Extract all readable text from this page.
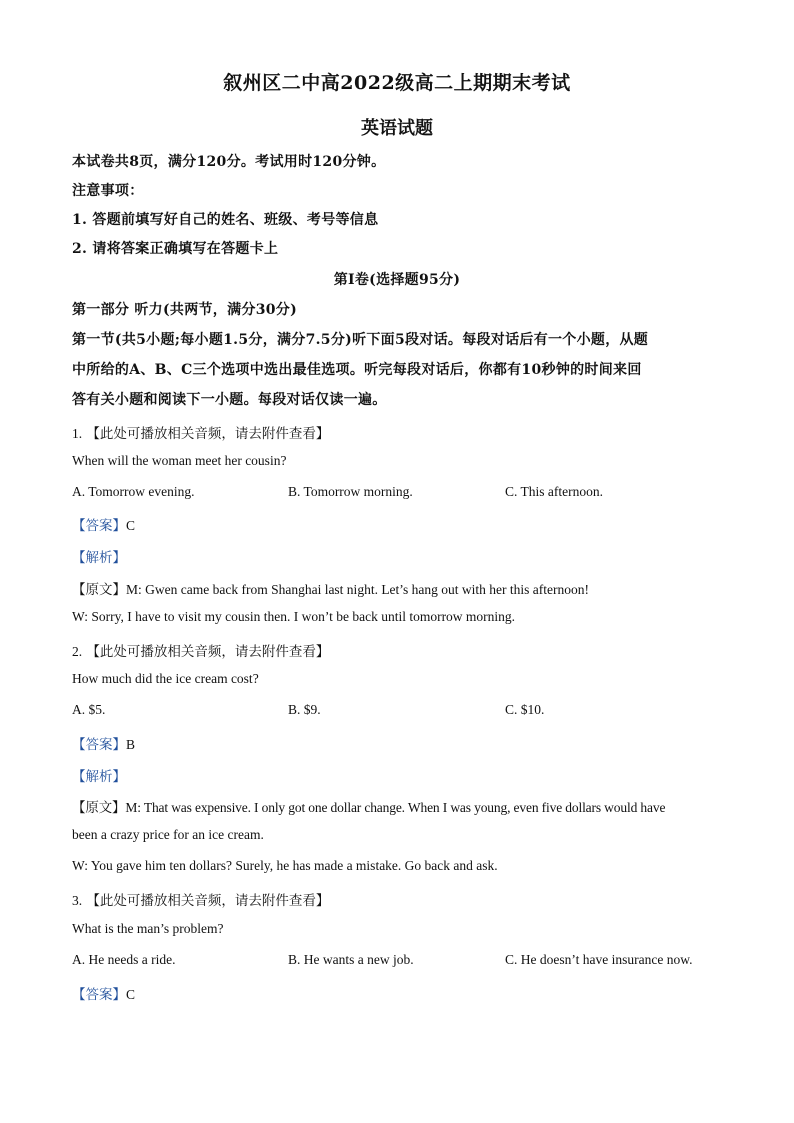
叙州区二中高2022级高二上期期末考试
英语试题
本试卷共8页，满分120分。考试用时120分钟。
注意事项：
1. 答题前填写好自己的姓名、班级、考号等信息
2. 请将答案正确填写在答题卡上
第I卷(选择题95分)
第一部分 听力(共两节，满分30分)
第一节(共5小题;每小题1.5分，满分7.5分)听下面5段对话。每段对话后有一个小题，从题
中所给的A、B、C三个选项中选出最佳选项。听完每段对话后，你都有10秒钟的时间来回
答有关小题和阅读下一小题。每段对话仅读一遍。
1. 【此处可播放相关音频，请去附件查看】
When will the woman meet her cousin?
A. Tomorrow evening.	B. Tomorrow morning.	C. This afternoon.
【答案】C
【解析】
【原文】M: Gwen came back from Shanghai last night. Let’s hang out with her this afternoon!
W: Sorry, I have to visit my cousin then. I won’t be back until tomorrow morning.
2. 【此处可播放相关音频，请去附件查看】
How much did the ice cream cost?
A. $5.	B. $9.	C. $10.
【答案】B
【解析】
【原文】M: That was expensive. I only got one dollar change. When I was young, even five dollars would have
been a crazy price for an ice cream.
W: You gave him ten dollars? Surely, he has made a mistake. Go back and ask.
3. 【此处可播放相关音频，请去附件查看】
What is the man’s problem?
A. He needs a ride.	B. He wants a new job.	C. He doesn’t have insurance now.
【答案】C
